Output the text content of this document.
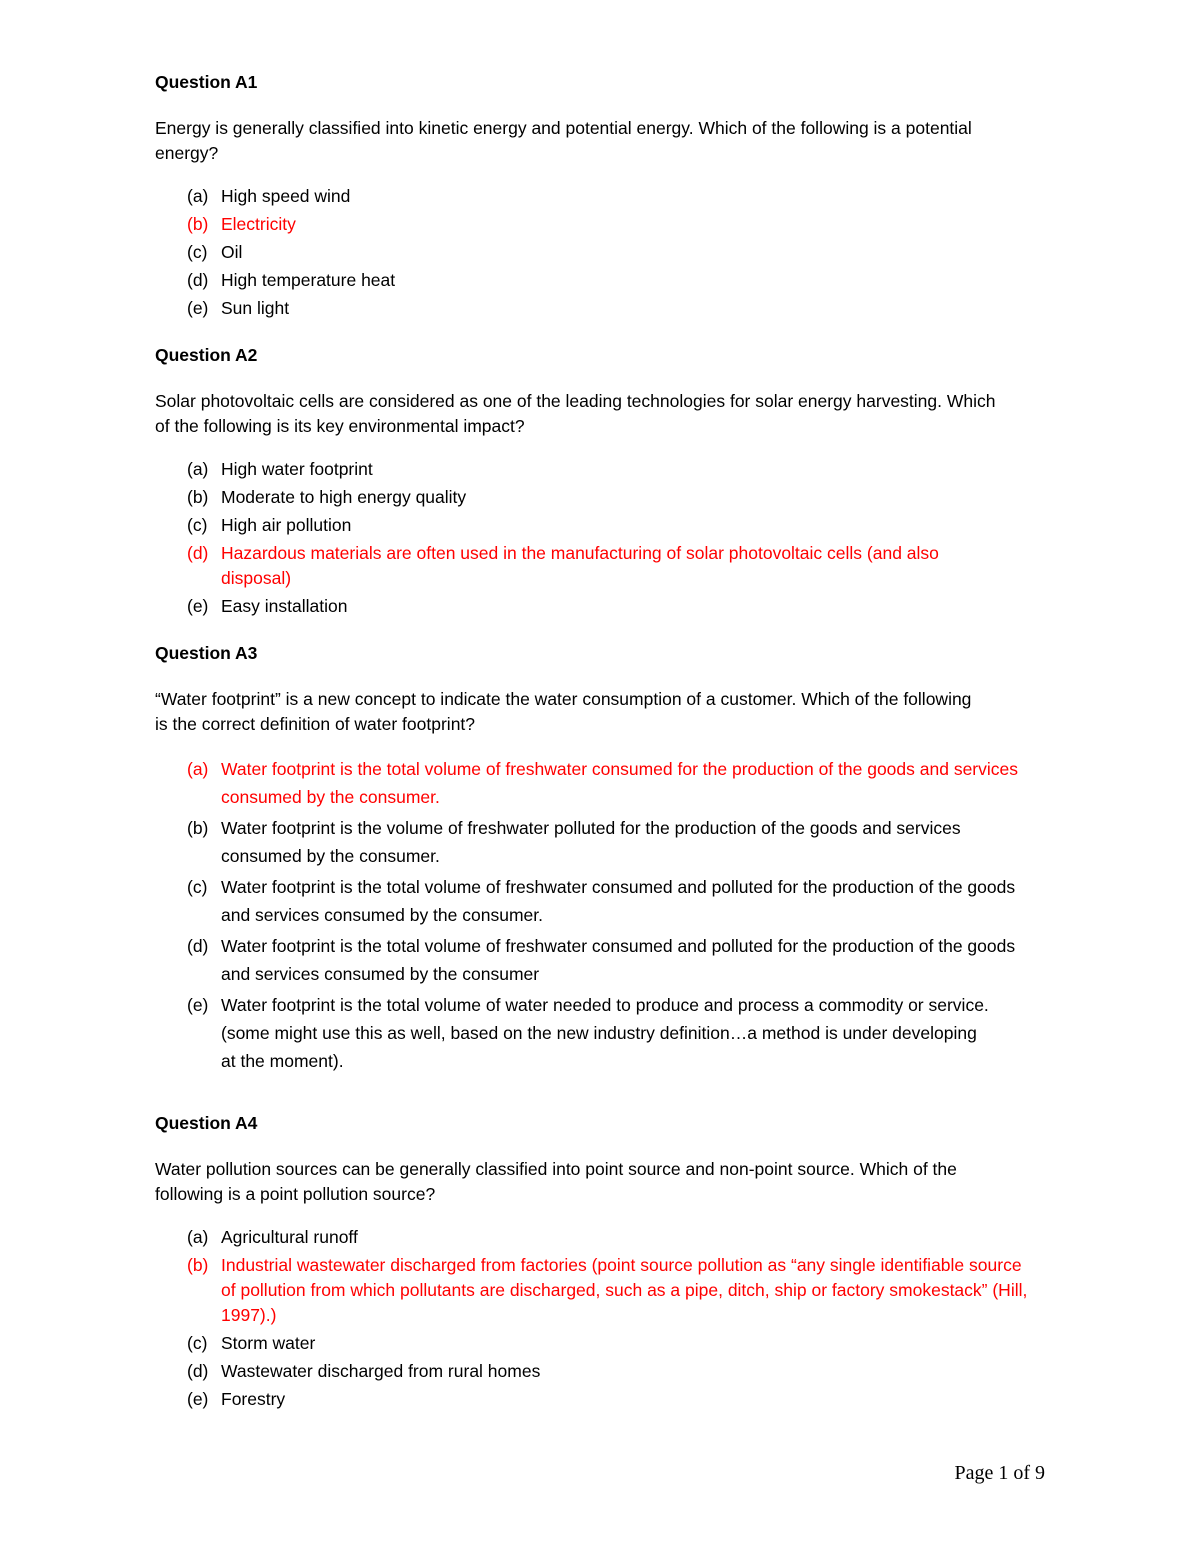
Question A1

Energy is generally classified into kinetic energy and potential energy. Which of the following is a potential energy?

(a) High speed wind
(b) Electricity
(c) Oil
(d) High temperature heat
(e) Sun light

Question A2

Solar photovoltaic cells are considered as one of the leading technologies for solar energy harvesting. Which of the following is its key environmental impact?

(a) High water footprint
(b) Moderate to high energy quality
(c) High air pollution
(d) Hazardous materials are often used in the manufacturing of solar photovoltaic cells (and also disposal)
(e) Easy installation

Question A3

“Water footprint” is a new concept to indicate the water consumption of a customer. Which of the following is the correct definition of water footprint?

(a) Water footprint is the total volume of freshwater consumed for the production of the goods and services consumed by the consumer.
(b) Water footprint is the volume of freshwater polluted for the production of the goods and services consumed by the consumer.
(c) Water footprint is the total volume of freshwater consumed and polluted for the production of the goods and services consumed by the consumer.
(d) Water footprint is the total volume of freshwater consumed and polluted for the production of the goods and services consumed by the consumer
(e) Water footprint is the total volume of water needed to produce and process a commodity or service. (some might use this as well, based on the new industry definition…a method is under developing at the moment).

Question A4

Water pollution sources can be generally classified into point source and non-point source. Which of the following is a point pollution source?

(a) Agricultural runoff
(b) Industrial wastewater discharged from factories (point source pollution as “any single identifiable source of pollution from which pollutants are discharged, such as a pipe, ditch, ship or factory smokestack” (Hill, 1997).)
(c) Storm water
(d) Wastewater discharged from rural homes
(e) Forestry
Page 1 of 9
